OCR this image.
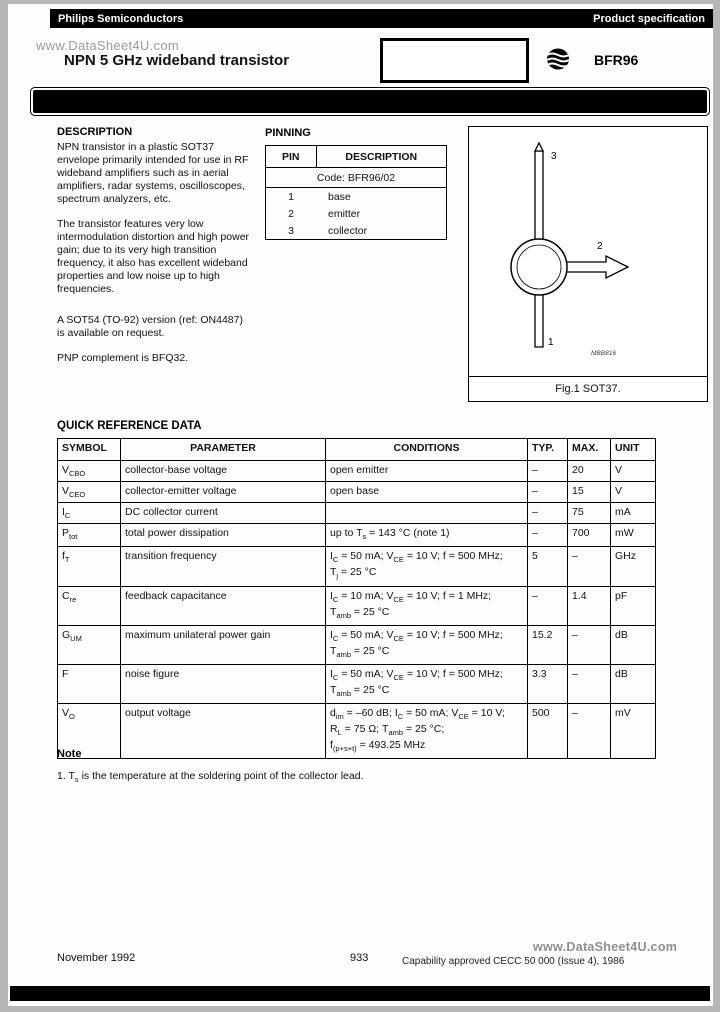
Philips Semiconductors	Product specification
www.DataSheet4U.com
NPN 5 GHz wideband transistor	BFR96
DESCRIPTION

NPN transistor in a plastic SOT37 envelope primarily intended for use in RF wideband amplifiers such as in aerial amplifiers, radar systems, oscilloscopes, spectrum analyzers, etc.

The transistor features very low intermodulation distortion and high power gain; due to its very high transition frequency, it also has excellent wideband properties and low noise up to high frequencies.

A SOT54 (TO-92) version (ref: ON4487) is available on request.

PNP complement is BFQ32.

PINNING
PIN	DESCRIPTION
Code: BFR96/02	
1	base
2	emitter
3	collector
3
2
1
MBB816
Fig.1 SOT37.
QUICK REFERENCE DATA
SYMBOL	PARAMETER	CONDITIONS	TYP.	MAX.	UNIT
$V_{CBO}$	collector-base voltage	open emitter	–	20	V
$V_{CEO}$	collector-emitter voltage	open base	–	15	V
$I_C$	DC collector current		–	75	mA
$P_{tot}$	total power dissipation	up to $T_s = 143$ °C (note 1)	–	700	mW
$f_T$	transition frequency	$I_C = 50$ mA; $V_{CE} = 10$ V; f = 500 MHz;
$T_j = 25$ °C	5	–	GHz
$C_{re}$	feedback capacitance	$I_C = 10$ mA; $V_{CE} = 10$ V; f = 1 MHz;
$T_{amb} = 25$ °C	–	1.4	pF
$G_{UM}$	maximum unilateral power gain	$I_C = 50$ mA; $V_{CE} = 10$ V; f = 500 MHz;
$T_{amb} = 25$ °C	15.2	–	dB
F	noise figure	$I_C = 50$ mA; $V_{CE} = 10$ V; f = 500 MHz;
$T_{amb} = 25$ °C	3.3	–	dB
$V_O$	output voltage	$d_{im} = -60$ dB; $I_C = 50$ mA; $V_{CE} = 10$ V;
$R_L = 75$ Ω; $T_{amb} = 25$ °C;
$f_{(p+s+t)} = 493.25$ MHz	500	–	mV
Note
1. $T_s$ is the temperature at the soldering point of the collector lead.
November 1992	933
www.DataSheet4U.com
Capability approved CECC 50 000 (Issue 4), 1986
